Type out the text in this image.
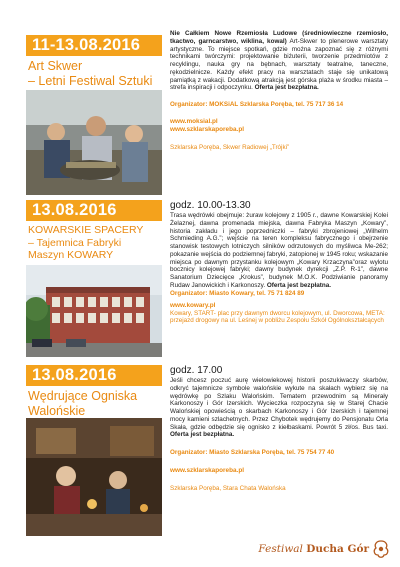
11-13.08.2016
Art Skwer
– Letni Festiwal Sztuki
Nie Całkiem Nowe Rzemiosła Ludowe (średniowieczne rzemiosło, tkactwo, garncarstwo, wiklina, kowal) Art-Skwer to plenerowe warsztaty artystyczne. To miejsce spotkań, gdzie można zapoznać się z różnymi technikami twórczymi: projektowanie biżuterii, tworzenie przedmiotów z recyklingu, nauka gry na bębnach, warsztaty teatralne, taneczne, rękodzielnicze. Każdy efekt pracy na warsztatach staje się unikatową pamiątką z wakacji. Dodatkową atrakcją jest górska plaża w środku miasta – strefa inspiracji i odpoczynku. Oferta jest bezpłatna.
Organizator: MOKSiAL Szklarska Poręba, tel. 75 717 36 14
www.moksial.pl
www.szklarskaporeba.pl
Szklarska Poręba, Skwer Radiowej „Trójki”
13.08.2016
KOWARSKIE SPACERY
– Tajemnica Fabryki
Maszyn KOWARY
godz. 10.00-13.30
Trasa wędrówki obejmuje: żuraw kolejowy z 1905 r., dawne Kowarskiej Kolei Żelaznej, dawna promenada miejska, dawna Fabryka Maszyn „Kowary”, historia zakładu i jego poprzedniczki – fabryki zbrojeniowej „Wilhelm Schmieding A.G.”; wejście na teren kompleksu fabrycznego i obejrzenie stanowisk testowych lotniczych silników odrzutowych do myśliwca Me-262; pokazanie wejścia do podziemnej fabryki, zatopionej w 1945 roku; wskazanie miejsca po dawnym przystanku kolejowym „Kowary Krzaczyna”oraz wylotu bocznicy kolejowej fabryki; dawny budynek dyrekcji „Z.P. R-1”, dawne Sanatorium Dziecięce „Krokus”, budynek M.O.K. Podziwianie panoramy Rudaw Janowickich i Karkonoszy. Oferta jest bezpłatna.
Organizator: Miasto Kowary, tel. 75 71 824 89
www.kowary.pl
Kowary, START- plac przy dawnym dworcu kolejowym, ul. Dworcowa, META: przejazd drogowy na ul. Leśnej w pobliżu Zespołu Szkół Ogólnokształcących
13.08.2016
Wędrujące Ogniska
Walońskie
godz. 17.00
Jeśli chcesz poczuć aurę wielowiekowej historii poszukiwaczy skarbów, odkryć tajemnicze symbole walońskie wykute na skałach wybierz się na wędrówkę po Szlaku Walońskim. Tematem przewodnim są Minerały Karkonoszy i Gór Izerskich. Wycieczka rozpoczyna się w Starej Chacie Walońskiej opowieścią o skarbach Karkonoszy i Gór Izerskich i tajemnej mocy kamieni szlachetnych. Przez Chybotek wędrujemy do Pensjonatu Orla Skała, gdzie odbędzie się ognisko z kiełbaskami. Powrót 5 zł/os. Bus taxi. Oferta jest bezpłatna.
Organizator: Miasto Szklarska Poręba, tel. 75 754 77 40
www.szklarskaporeba.pl
Szklarska Poręba, Stara Chata Walońska
Festiwal Ducha Gór
